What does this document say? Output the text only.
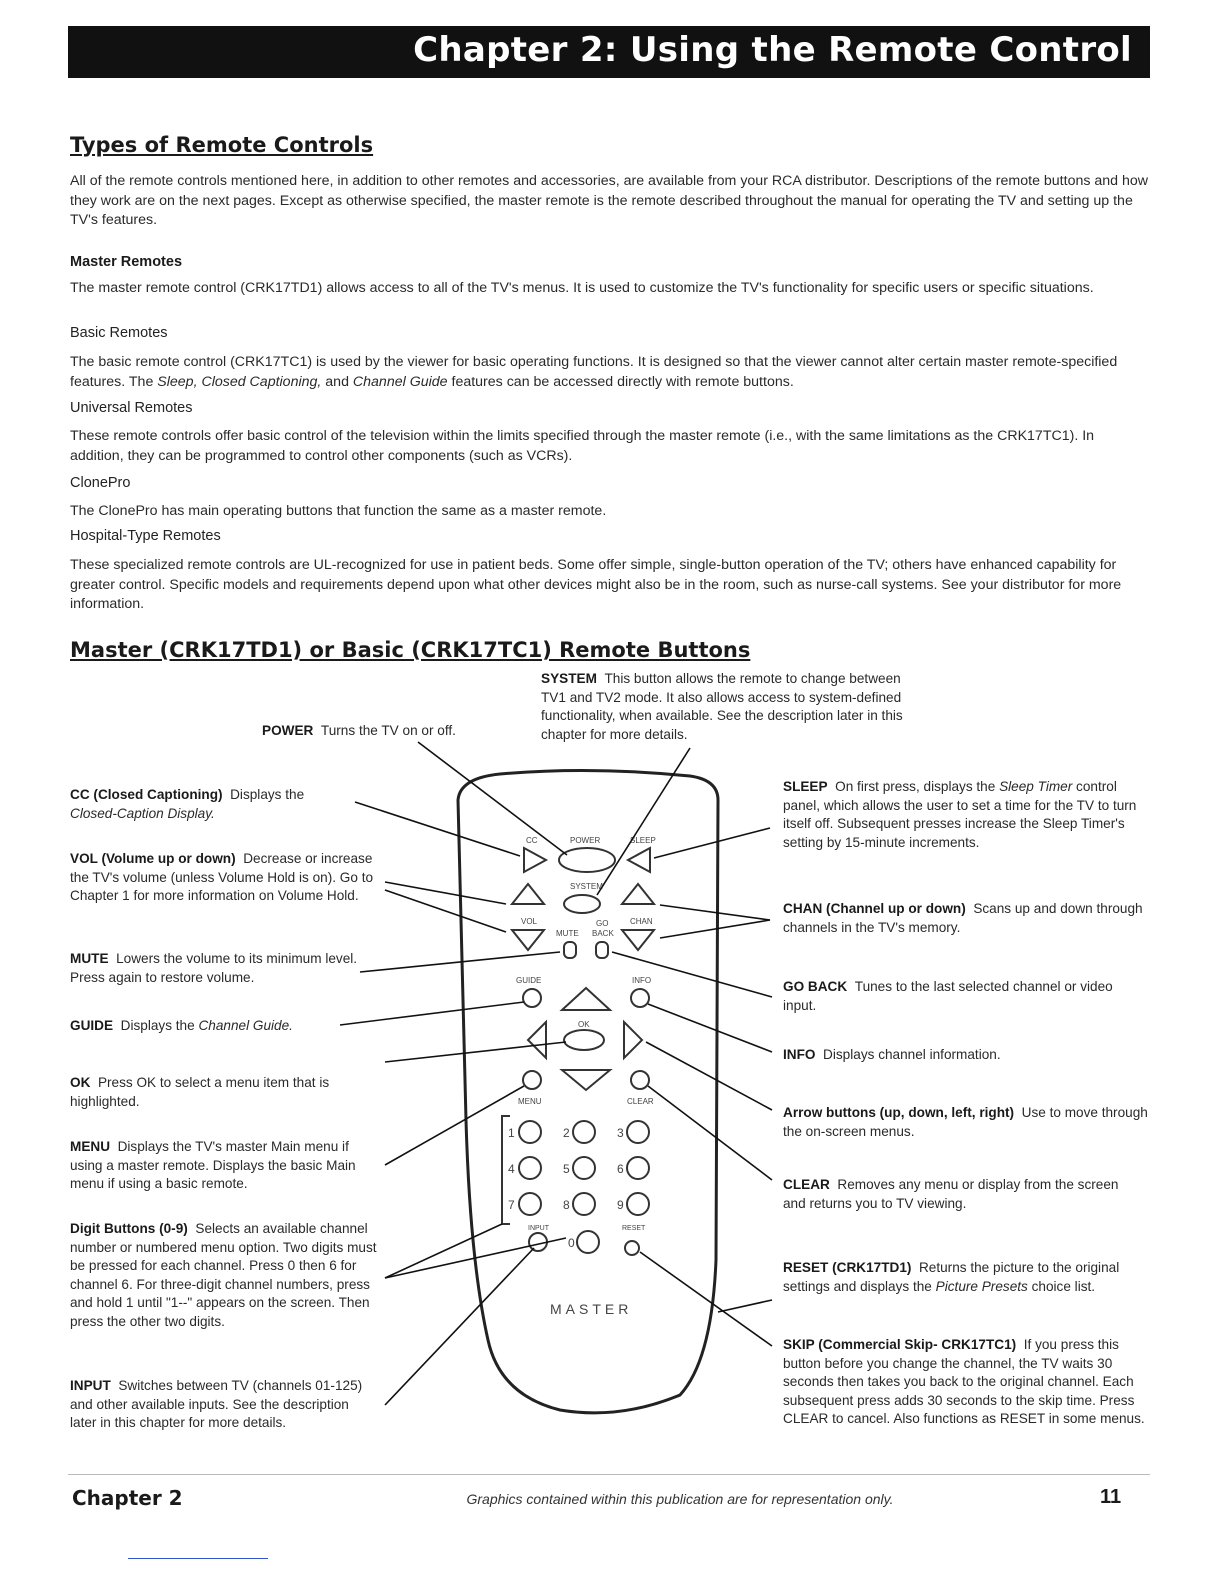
Chapter 2: Using the Remote Control
Types of Remote Controls

All of the remote controls mentioned here, in addition to other remotes and accessories, are available from your RCA distributor. Descriptions of the remote buttons and how they work are on the next pages. Except as otherwise specified, the master remote is the remote described throughout the manual for operating the TV and setting up the TV's features.

Master Remotes

The master remote control (CRK17TD1) allows access to all of the TV's menus. It is used to customize the TV's functionality for specific users or specific situations.

Basic Remotes

The basic remote control (CRK17TC1) is used by the viewer for basic operating functions. It is designed so that the viewer cannot alter certain master remote-specified features. The Sleep, Closed Captioning, and Channel Guide features can be accessed directly with remote buttons.

Universal Remotes

These remote controls offer basic control of the television within the limits specified through the master remote (i.e., with the same limitations as the CRK17TC1). In addition, they can be programmed to control other components (such as VCRs).

ClonePro

The ClonePro has main operating buttons that function the same as a master remote.

Hospital-Type Remotes

These specialized remote controls are UL-recognized for use in patient beds. Some offer simple, single-button operation of the TV; others have enhanced capability for greater control. Specific models and requirements depend upon what other devices might also be in the room, such as nurse-call systems. See your distributor for more information.

Master (CRK17TD1) or Basic (CRK17TC1) Remote Buttons
CC	POWER	SLEEP
SYSTEM
VOL	GO	CHAN
MUTE BACK
GUIDE	INFO
OK
MENU	CLEAR
1	2	3
4	5	6
7	8	9
0
INPUT	RESET
MASTER
SYSTEM This button allows the remote to change between TV1 and TV2 mode. It also allows access to system-defined functionality, when available. See the description later in this chapter for more details.
POWER Turns the TV on or off.
CC (Closed Captioning) Displays the Closed-Caption Display.
VOL (Volume up or down) Decrease or increase the TV's volume (unless Volume Hold is on). Go to Chapter 1 for more information on Volume Hold.
MUTE Lowers the volume to its minimum level. Press again to restore volume.
GUIDE Displays the Channel Guide.
OK Press OK to select a menu item that is highlighted.
MENU Displays the TV's master Main menu if using a master remote. Displays the basic Main menu if using a basic remote.
Digit Buttons (0-9) Selects an available channel number or numbered menu option. Two digits must be pressed for each channel. Press 0 then 6 for channel 6. For three-digit channel numbers, press and hold 1 until "1--" appears on the screen. Then press the other two digits.
INPUT Switches between TV (channels 01-125) and other available inputs. See the description later in this chapter for more details.
SLEEP On first press, displays the Sleep Timer control panel, which allows the user to set a time for the TV to turn itself off. Subsequent presses increase the Sleep Timer's setting by 15-minute increments.
CHAN (Channel up or down) Scans up and down through channels in the TV's memory.
GO BACK Tunes to the last selected channel or video input.
INFO Displays channel information.
Arrow buttons (up, down, left, right) Use to move through the on-screen menus.
CLEAR Removes any menu or display from the screen and returns you to TV viewing.
RESET (CRK17TD1) Returns the picture to the original settings and displays the Picture Presets choice list.
SKIP (Commercial Skip- CRK17TC1) If you press this button before you change the channel, the TV waits 30 seconds then takes you back to the original channel. Each subsequent press adds 30 seconds to the skip time. Press CLEAR to cancel. Also functions as RESET in some menus.
Chapter 2	Graphics contained within this publication are for representation only.	11
